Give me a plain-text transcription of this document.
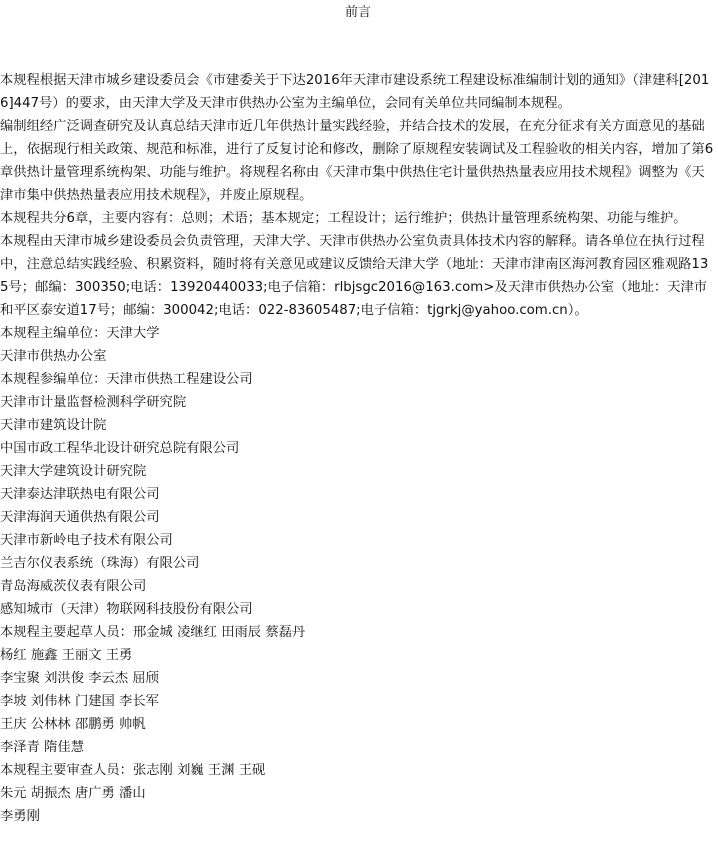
前言

本规程根据天津市城乡建设委员会《市建委关于下达2016年天津市建设系统工程建设标准编制计划的通知》（津建科[2016]447号）的要求，由天津大学及天津市供热办公室为主编单位，会同有关单位共同编制本规程。

编制组经广泛调查研究及认真总结天津市近几年供热计量实践经验，并结合技术的发展，在充分征求有关方面意见的基础上，依据现行相关政策、规范和标准，进行了反复讨论和修改，删除了原规程安装调试及工程验收的相关内容，增加了第6章供热计量管理系统构架、功能与维护。将规程名称由《天津市集中供热住宅计量供热热量表应用技术规程》调整为《天津市集中供热热量表应用技术规程》，并废止原规程。

本规程共分6章，主要内容有：总则；术语；基本规定；工程设计；运行维护；供热计量管理系统构架、功能与维护。

本规程由天津市城乡建设委员会负责管理，天津大学、天津市供热办公室负责具体技术内容的解释。请各单位在执行过程中，注意总结实践经验、积累资料，随时将有关意见或建议反馈给天津大学（地址：天津市津南区海河教育园区雅观路135号；邮编：300350;电话：13920440033;电子信箱：rlbjsgc2016@163.com>及天津市供热办公室（地址：天津市和平区泰安道17号；邮编：300042;电话：022-83605487;电子信箱：tjgrkj@yahoo.com.cn）。

本规程主编单位：天津大学

天津市供热办公室

本规程参编单位：天津市供热工程建设公司

天津市计量监督检测科学研究院

天津市建筑设计院

中国市政工程华北设计研究总院有限公司

天津大学建筑设计研究院

天津泰达津联热电有限公司

天津海润天通供热有限公司

天津市新岭电子技术有限公司

兰吉尔仪表系统（珠海）有限公司

青岛海威茨仪表有限公司

感知城市（天津）物联网科技股份有限公司

本规程主要起草人员：邢金城 凌继红 田雨辰 蔡磊丹

杨红 施鑫 王丽文 王勇

李宝聚 刘洪俊 李云杰 屈颀

李坡 刘伟林 门建国 李长军

王庆 公林林 邵鹏勇 帅帆

李泽青 隋佳慧

本规程主要审查人员：张志刚 刘巍 王渊 王砚

朱元 胡振杰 唐广勇 潘山

李勇刚
